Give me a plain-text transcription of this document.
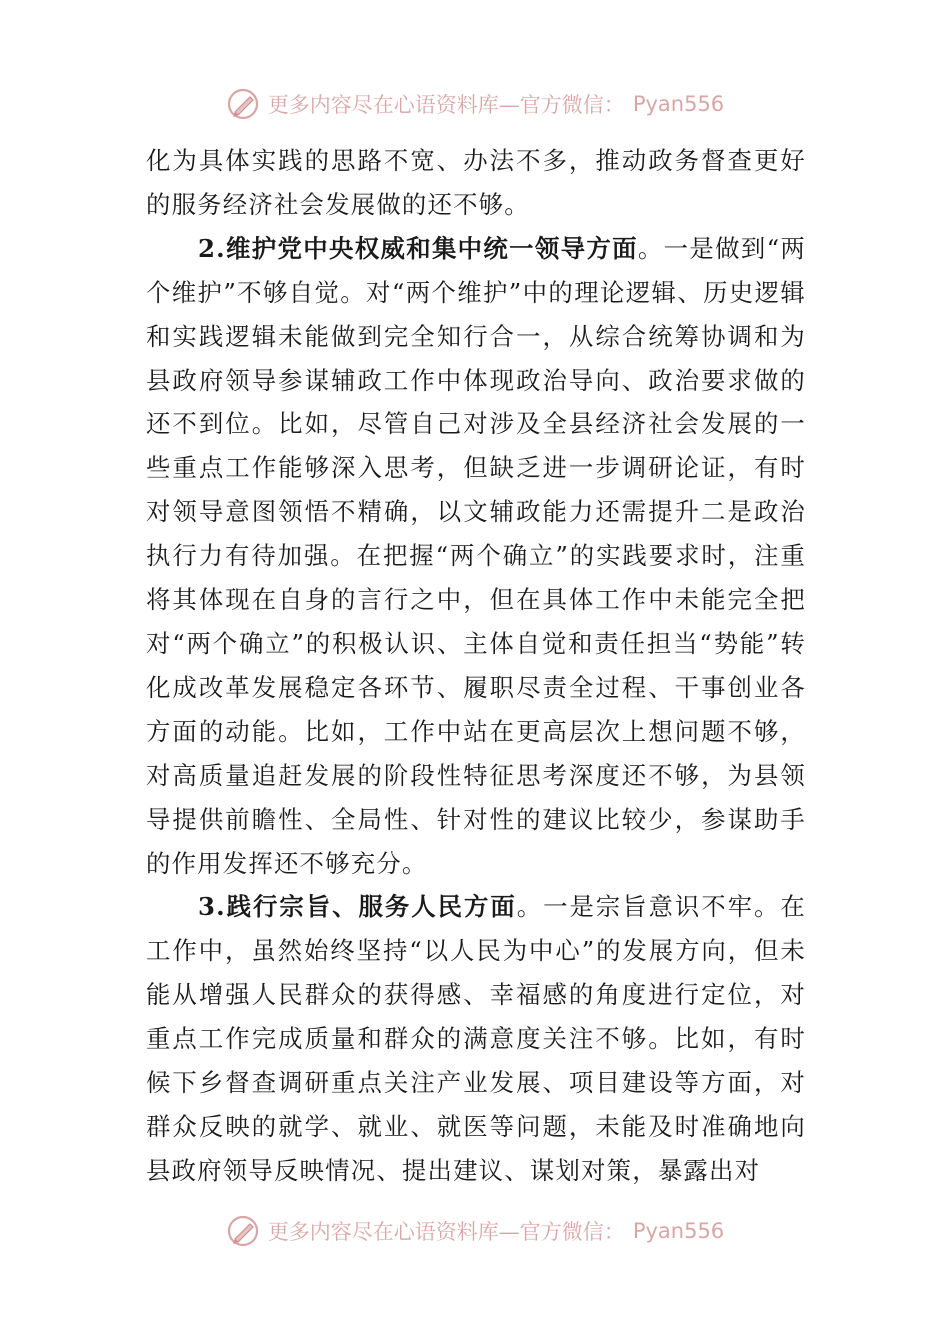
更多内容尽在心语资料库—官方微信： Pyan556

化为具体实践的思路不宽、办法不多，推动政务督查更好的服务经济社会发展做的还不够。

2.维护党中央权威和集中统一领导方面。一是做到“两个维护”不够自觉。对“两个维护”中的理论逻辑、历史逻辑和实践逻辑未能做到完全知行合一，从综合统筹协调和为县政府领导参谋辅政工作中体现政治导向、政治要求做的还不到位。比如，尽管自己对涉及全县经济社会发展的一些重点工作能够深入思考，但缺乏进一步调研论证，有时对领导意图领悟不精确，以文辅政能力还需提升二是政治执行力有待加强。在把握“两个确立”的实践要求时，注重将其体现在自身的言行之中，但在具体工作中未能完全把对“两个确立”的积极认识、主体自觉和责任担当“势能”转化成改革发展稳定各环节、履职尽责全过程、干事创业各方面的动能。比如，工作中站在更高层次上想问题不够，对高质量追赶发展的阶段性特征思考深度还不够，为县领导提供前瞻性、全局性、针对性的建议比较少，参谋助手的作用发挥还不够充分。

3.践行宗旨、服务人民方面。一是宗旨意识不牢。在工作中，虽然始终坚持“以人民为中心”的发展方向，但未能从增强人民群众的获得感、幸福感的角度进行定位，对重点工作完成质量和群众的满意度关注不够。比如，有时候下乡督查调研重点关注产业发展、项目建设等方面，对群众反映的就学、就业、就医等问题，未能及时准确地向县政府领导反映情况、提出建议、谋划对策，暴露出对

更多内容尽在心语资料库—官方微信： Pyan556
